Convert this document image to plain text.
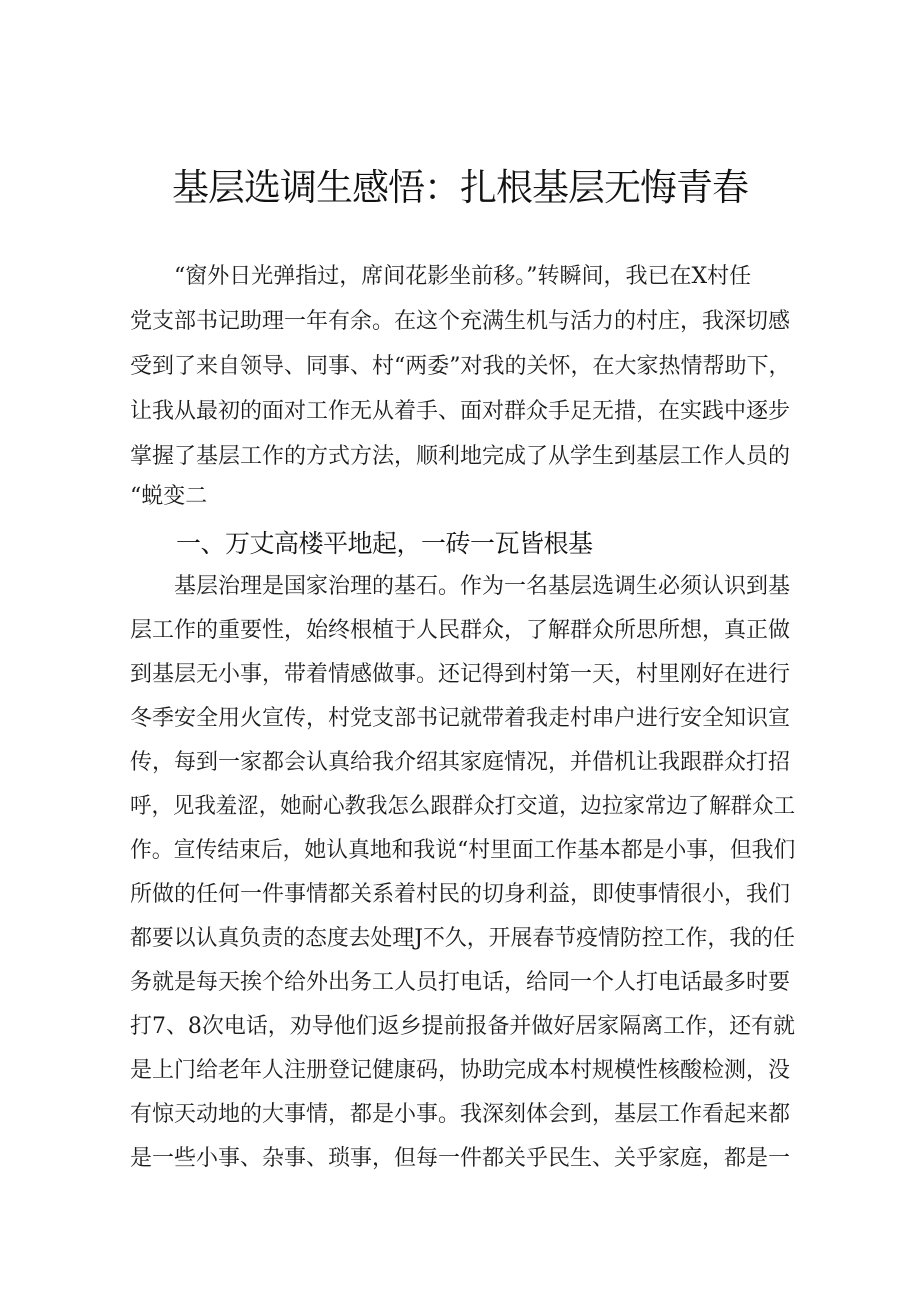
基层选调生感悟：扎根基层无悔青春
“窗外日光弹指过，席间花影坐前移。”转瞬间，我已在X村任
党支部书记助理一年有余。在这个充满生机与活力的村庄，我深切感
受到了来自领导、同事、村“两委”对我的关怀，在大家热情帮助下，
让我从最初的面对工作无从着手、面对群众手足无措，在实践中逐步
掌握了基层工作的方式方法，顺利地完成了从学生到基层工作人员的
“蜕变二
一、万丈高楼平地起，一砖一瓦皆根基
基层治理是国家治理的基石。作为一名基层选调生必须认识到基
层工作的重要性，始终根植于人民群众，了解群众所思所想，真正做
到基层无小事，带着情感做事。还记得到村第一天，村里刚好在进行
冬季安全用火宣传，村党支部书记就带着我走村串户进行安全知识宣
传，每到一家都会认真给我介绍其家庭情况，并借机让我跟群众打招
呼，见我羞涩，她耐心教我怎么跟群众打交道，边拉家常边了解群众工
作。宣传结束后，她认真地和我说“村里面工作基本都是小事，但我们
所做的任何一件事情都关系着村民的切身利益，即使事情很小，我们
都要以认真负责的态度去处理J不久，开展春节疫情防控工作，我的任
务就是每天挨个给外出务工人员打电话，给同一个人打电话最多时要
打7、8次电话，劝导他们返乡提前报备并做好居家隔离工作，还有就
是上门给老年人注册登记健康码，协助完成本村规模性核酸检测，没
有惊天动地的大事情，都是小事。我深刻体会到，基层工作看起来都
是一些小事、杂事、琐事，但每一件都关乎民生、关乎家庭，都是一
